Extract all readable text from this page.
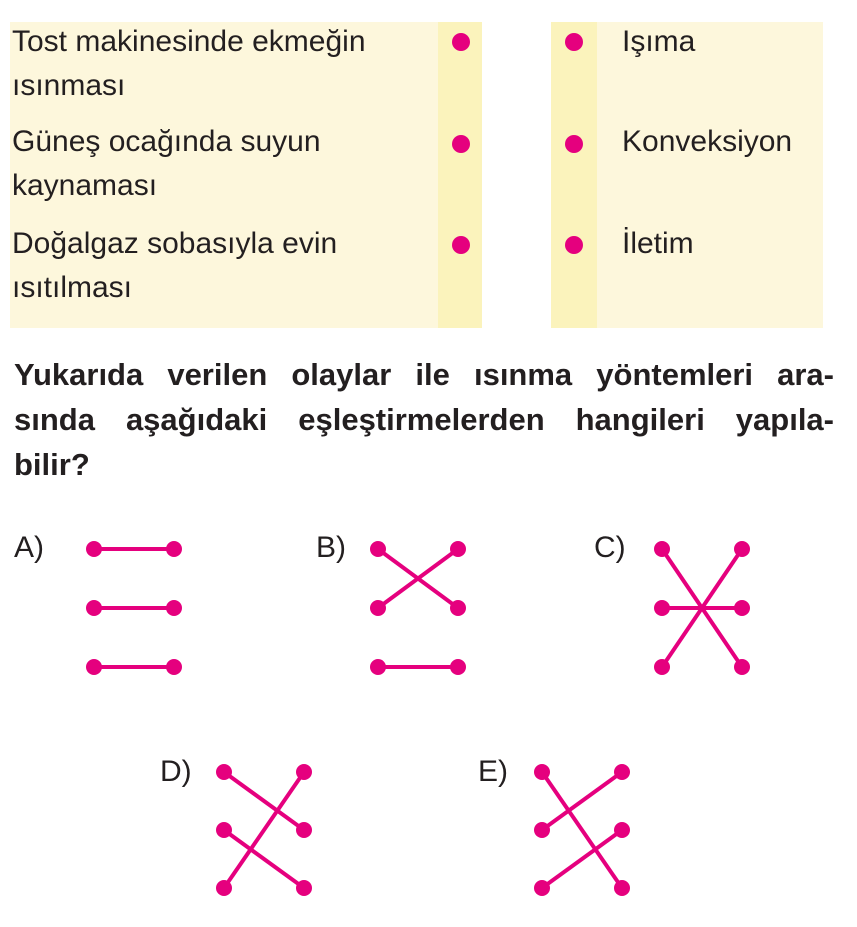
Tost makinesinde ekmeğin
ısınması
Güneş ocağında suyun
kaynaması
Doğalgaz sobasıyla evin
ısıtılması
Işıma
Konveksiyon
İletim

Yukarıda verilen olaylar ile ısınma yöntemleri ara-
sında aşağıdaki eşleştirmelerden hangileri yapıla-
bilir?

A)	B)	C)
D)	E)
